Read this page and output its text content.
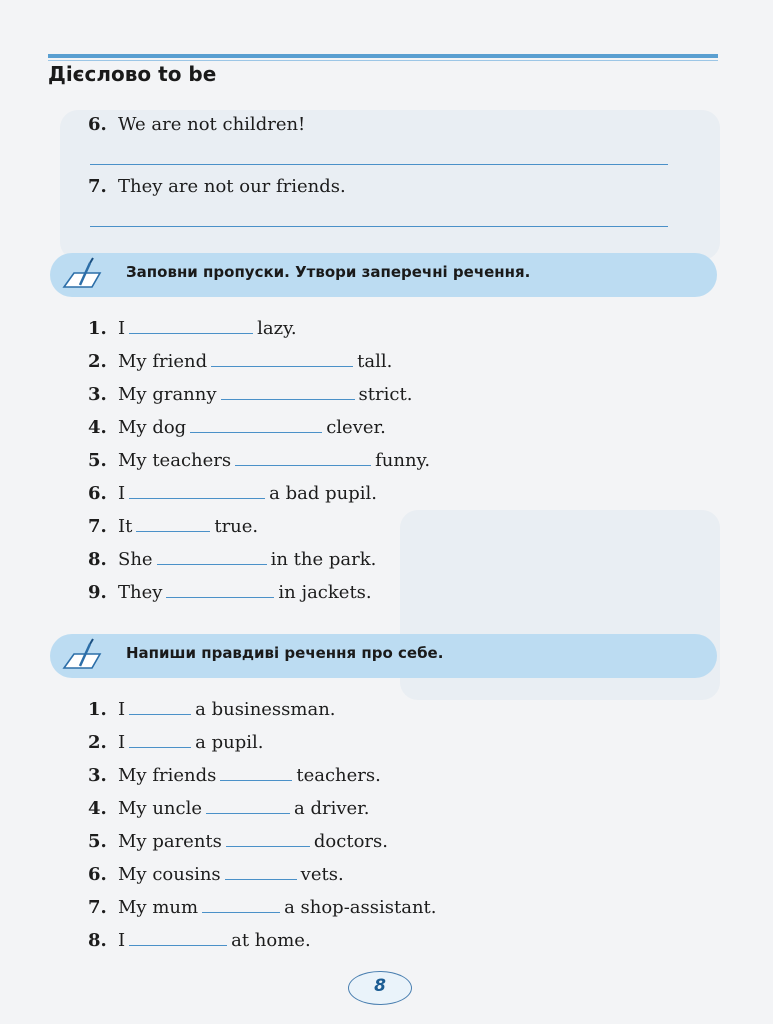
Дієслово to be
6. We are not children!
7. They are not our friends.
Заповни пропуски. Утвори заперечні речення.
1. I	lazy.
2. My friend	tall.
3. My granny	strict.
4. My dog	clever.
5. My teachers	funny.
6. I	a bad pupil.
7. It	true.
8. She	in the park.
9. They	in jackets.
Напиши правдиві речення про себе.
1. I	a businessman.
2. I	a pupil.
3. My friends	teachers.
4. My uncle	a driver.
5. My parents	doctors.
6. My cousins	vets.
7. My mum	a shop-assistant.
8. I	at home.
8
